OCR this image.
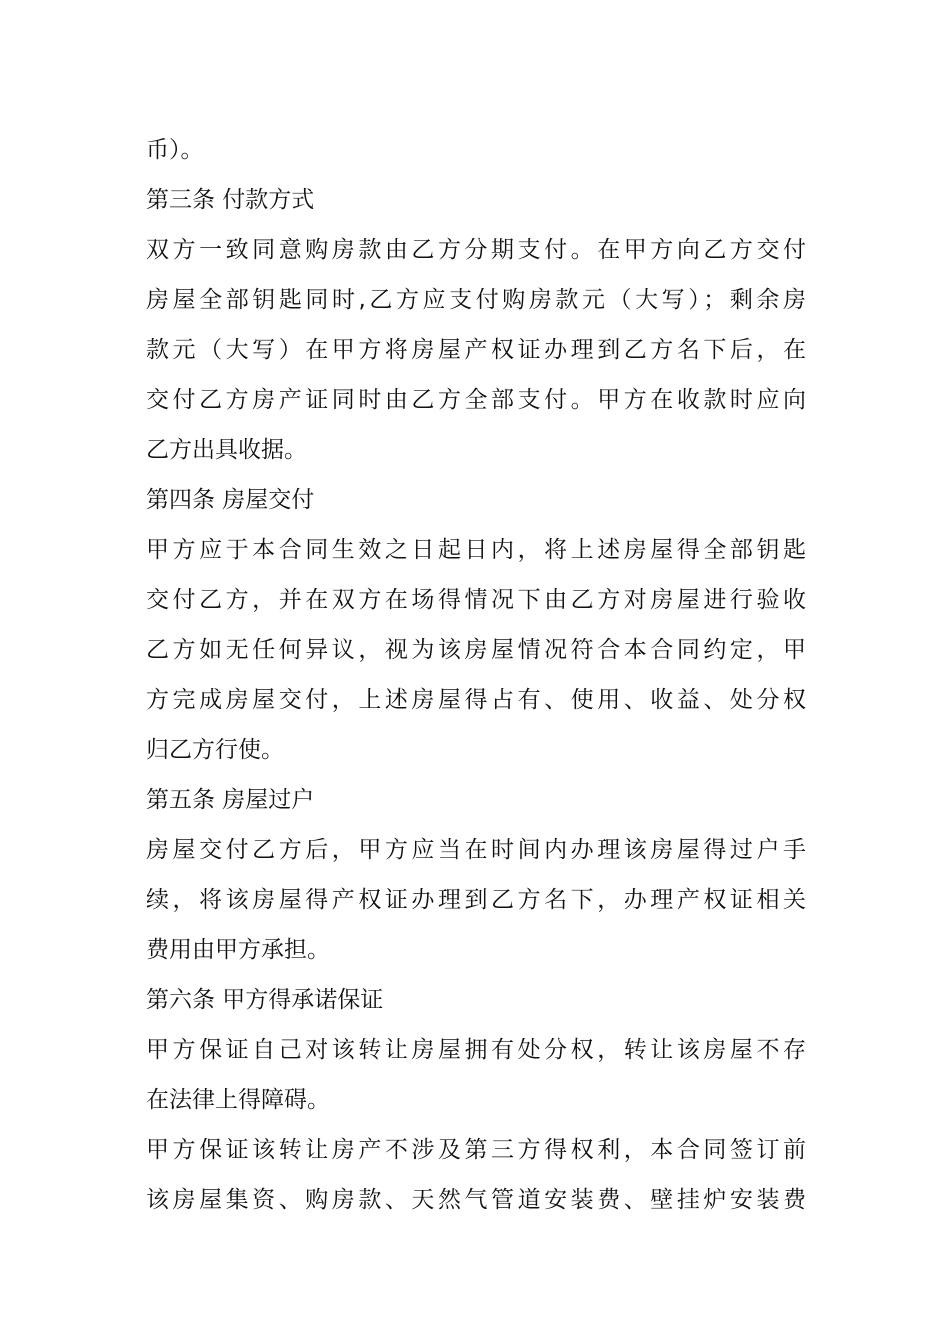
币）。
第三条 付款方式
双方一致同意购房款由乙方分期支付。在甲方向乙方交付
房屋全部钥匙同时,乙方应支付购房款元（大写）；剩余房
款元（大写）在甲方将房屋产权证办理到乙方名下后，在
交付乙方房产证同时由乙方全部支付。甲方在收款时应向
乙方出具收据。
第四条 房屋交付
甲方应于本合同生效之日起日内，将上述房屋得全部钥匙
交付乙方，并在双方在场得情况下由乙方对房屋进行验收
乙方如无任何异议，视为该房屋情况符合本合同约定，甲
方完成房屋交付，上述房屋得占有、使用、收益、处分权
归乙方行使。
第五条 房屋过户
房屋交付乙方后，甲方应当在时间内办理该房屋得过户手
续，将该房屋得产权证办理到乙方名下，办理产权证相关
费用由甲方承担。
第六条 甲方得承诺保证
甲方保证自己对该转让房屋拥有处分权，转让该房屋不存
在法律上得障碍。
甲方保证该转让房产不涉及第三方得权利，本合同签订前
该房屋集资、购房款、天然气管道安装费、壁挂炉安装费
